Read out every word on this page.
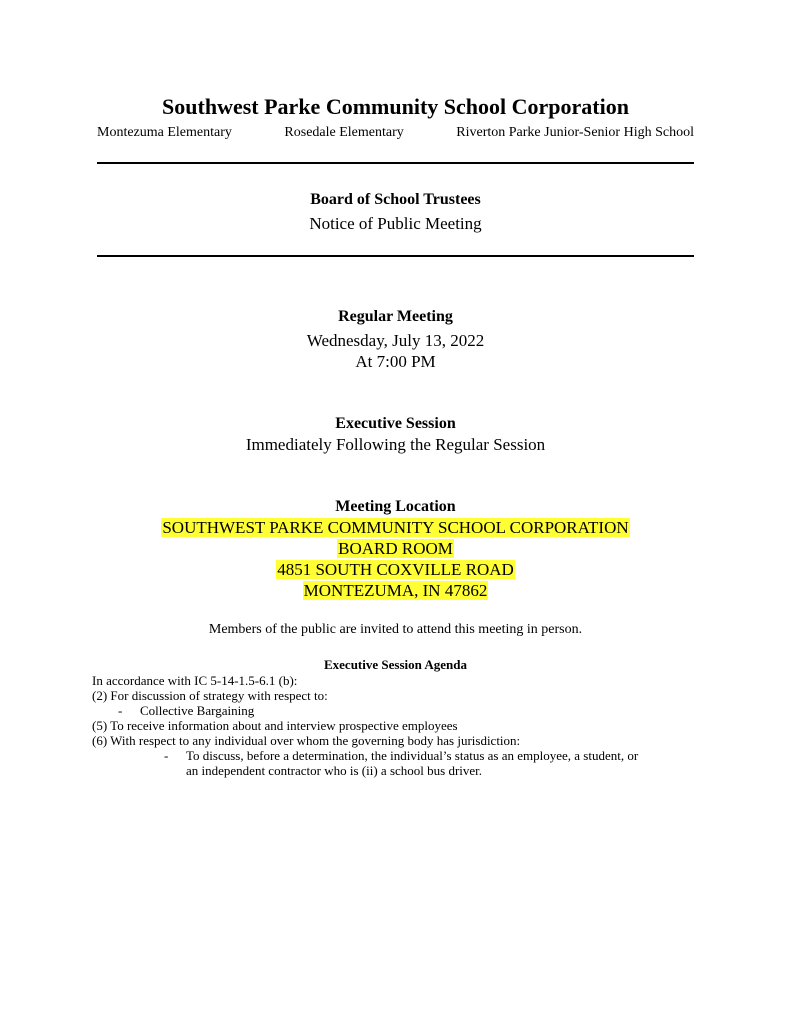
Southwest Parke Community School Corporation
Montezuma Elementary	Rosedale Elementary	Riverton Parke Junior-Senior High School
Board of School Trustees
Notice of Public Meeting
Regular Meeting
Wednesday, July 13, 2022
At 7:00 PM
Executive Session
Immediately Following the Regular Session
Meeting Location
SOUTHWEST PARKE COMMUNITY SCHOOL CORPORATION
BOARD ROOM
4851 SOUTH COXVILLE ROAD
MONTEZUMA, IN 47862
Members of the public are invited to attend this meeting in person.
Executive Session Agenda
In accordance with IC 5-14-1.5-6.1 (b):
(2) For discussion of strategy with respect to:
- Collective Bargaining
(5) To receive information about and interview prospective employees
(6) With respect to any individual over whom the governing body has jurisdiction:
- To discuss, before a determination, the individual’s status as an employee, a student, or
an independent contractor who is (ii) a school bus driver.
